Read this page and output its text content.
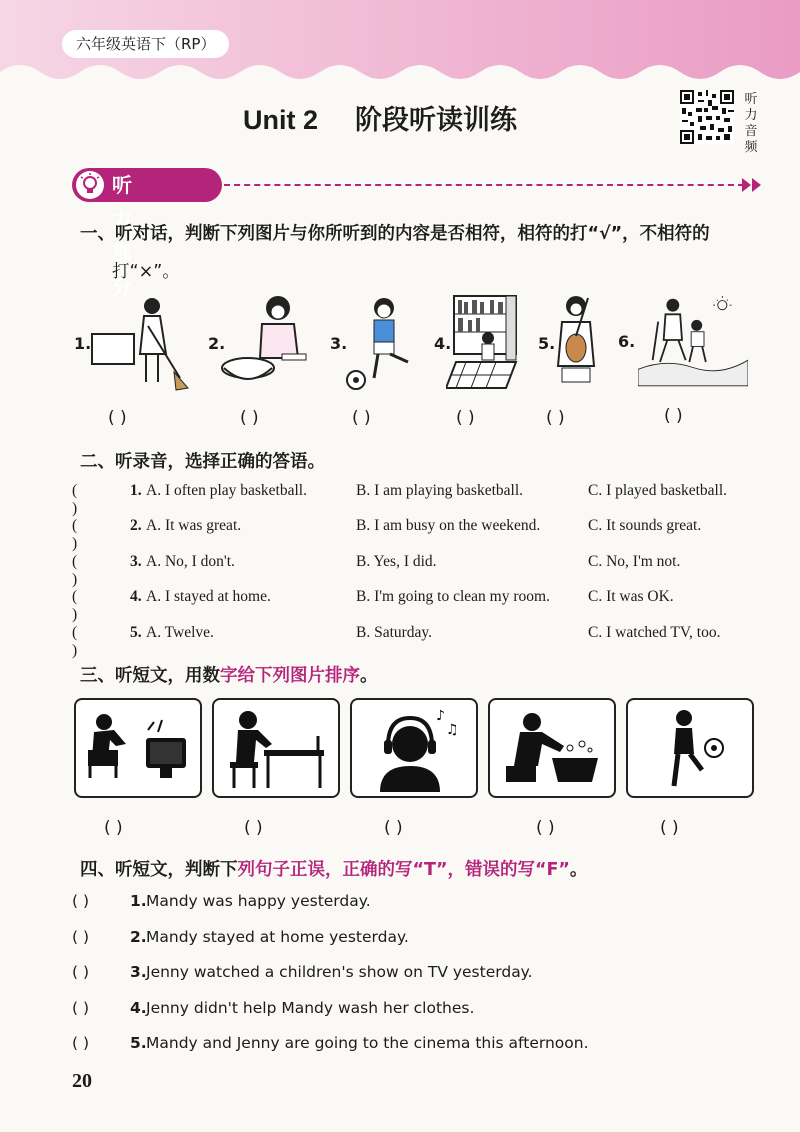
六年级英语下（RP）
Unit 2 阶段听读训练
听
力
音
频
听力部分
一、听对话，判断下列图片与你所听到的内容是否相符，相符的打“√”，不相符的
打“×”。
1.	2.	3.	4.	5.	6.
( )	( )	( )	( )	( )	( )
二、听录音，选择正确的答语。
( )
1. A. I often play basketball.	B. I am playing basketball.	C. I played basketball.
( )
2. A. It was great.	B. I am busy on the weekend.	C. It sounds great.
( )
3. A. No, I don't.	B. Yes, I did.	C. No, I'm not.
( )
4. A. I stayed at home.	B. I'm going to clean my room. C. It was OK.
( )
5. A. Twelve.	B. Saturday.	C. I watched TV, too.
三、听短文，用数字给下列图片排序。
♪
♫
( )	( )	( )	( )	( )
四、听短文，判断下列句子正误，正确的写“T”，错误的写“F”。
( )	1. Mandy was happy yesterday.
( )	2. Mandy stayed at home yesterday.
( )	3. Jenny watched a children's show on TV yesterday.
( )	4. Jenny didn't help Mandy wash her clothes.
( )	5. Mandy and Jenny are going to the cinema this afternoon.
20
